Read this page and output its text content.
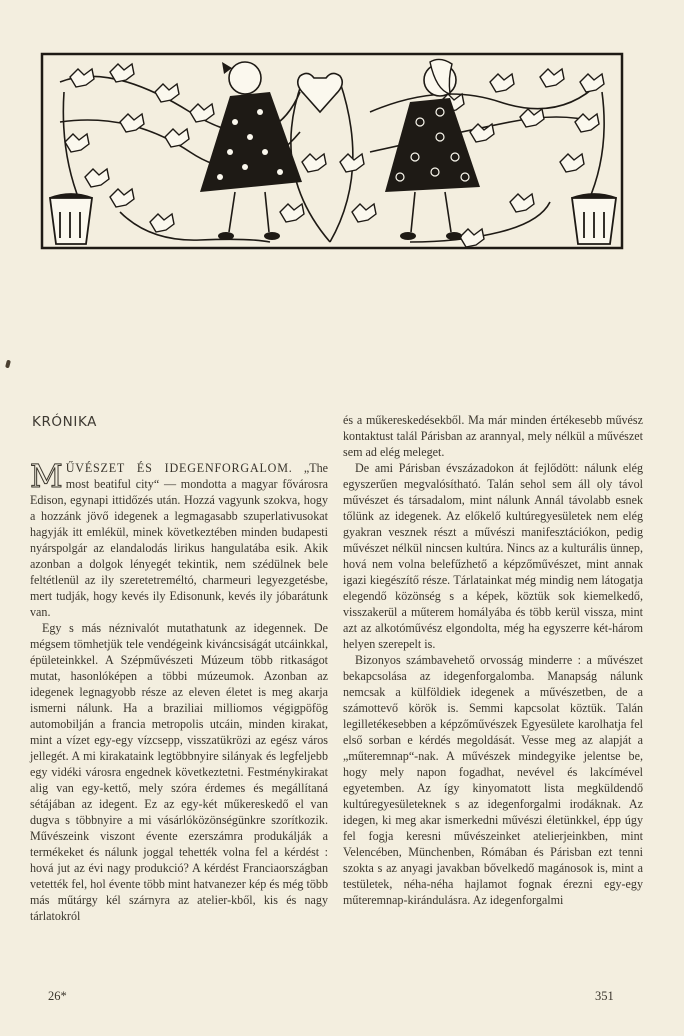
KRÓNIKA

MŰVÉSZET ÉS IDEGENFORGALOM. „The most beatiful city“ — mondotta a magyar fővárosra Edison, egynapi ittidőzés után. Hozzá vagyunk szokva, hogy a hozzánk jövő idegenek a legmagasabb szuperlativusokat hagyják itt emlékül, minek következtében minden budapesti nyárspolgár az elandalodás lirikus hangulatába esik. Akik azonban a dolgok lényegét tekintik, nem szédülnek bele feltétlenül az ily szeretetreméltó, charmeuri legyezgetésbe, mert tudják, hogy kevés ily Edisonunk, kevés ily jóbarátunk van.

Egy s más néznivalót mutathatunk az idegennek. De mégsem tömhetjük tele vendégeink kiváncsiságát utcáinkkal, épületeinkkel. A Szépművészeti Múzeum több ritkaságot mutat, hasonlóképen a többi múzeumok. Azonban az idegenek legnagyobb része az eleven életet is meg akarja ismerni nálunk. Ha a braziliai milliomos végigpöfög automobilján a francia metropolis utcáin, minden kirakat, mint a vízet egy-egy vízcsepp, visszatükrözi az egész város jellegét. A mi kirakataink legtöbbnyire silányak és legfeljebb egy vidéki városra engednek következtetni. Festménykirakat alig van egy-kettő, mely szóra érdemes és megállítaná sétájában az idegent. Ez az egy-két műkereskedő el van dugva s többnyire a mi vásárlóközönségünkre szorítkozik. Művészeink viszont évente ezerszámra produkálják a termékeket és nálunk joggal tehették volna fel a kérdést : hová jut az évi nagy produkció? A kérdést Franciaországban vetették fel, hol évente több mint hatvanezer kép és még több más műtárgy kél szárnyra az atelier-kből, kis és nagy tárlatokról

és a műkereskedésekből. Ma már minden értékesebb művész kontaktust talál Párisban az arannyal, mely nélkül a művészet sem ad elég meleget.

De ami Párisban évszázadokon át fejlődött: nálunk elég egyszerűen megvalósítható. Talán sehol sem áll oly távol művészet és társadalom, mint nálunk Annál távolabb esnek tőlünk az idegenek. Az előkelő kultúregyesületek nem elég gyakran vesznek részt a művészi manifesztációkon, pedig művészet nélkül nincsen kultúra. Nincs az a kulturális ünnep, hová nem volna belefűzhető a képzőművészet, mint annak igazi kiegészítő része. Tárlatainkat még mindig nem látogatja elegendő közönség s a képek, köztük sok kiemelkedő, visszakerül a műterem homályába és több kerül vissza, mint azt az alkotóművész elgondolta, még ha egyszerre két-három helyen szerepelt is.

Bizonyos számbavehető orvosság minderre : a művészet bekapcsolása az idegenforgalomba. Manapság nálunk nemcsak a külföldiek idegenek a művészetben, de a számottevő körök is. Semmi kapcsolat köztük. Talán legilletékesebben a képzőművészek Egyesülete karolhatja fel első sorban e kérdés megoldását. Vesse meg az alapját a „műteremnap“-nak. A művészek mindegyike jelentse be, hogy mely napon fogadhat, nevével és lakcímével egyetemben. Az így kinyomatott lista megküldendő kultúregyesületeknek s az idegenforgalmi irodáknak. Az idegen, ki meg akar ismerkedni művészi életünkkel, épp úgy fel fogja keresni művészeinket atelierjeinkben, mint Velencében, Münchenben, Rómában és Párisban ezt tenni szokta s az anyagi javakban bővelkedő magánosok is, mint a testületek, néha-néha hajlamot fognak érezni egy-egy műteremnap-kirándulásra. Az idegenforgalmi

26*	351
